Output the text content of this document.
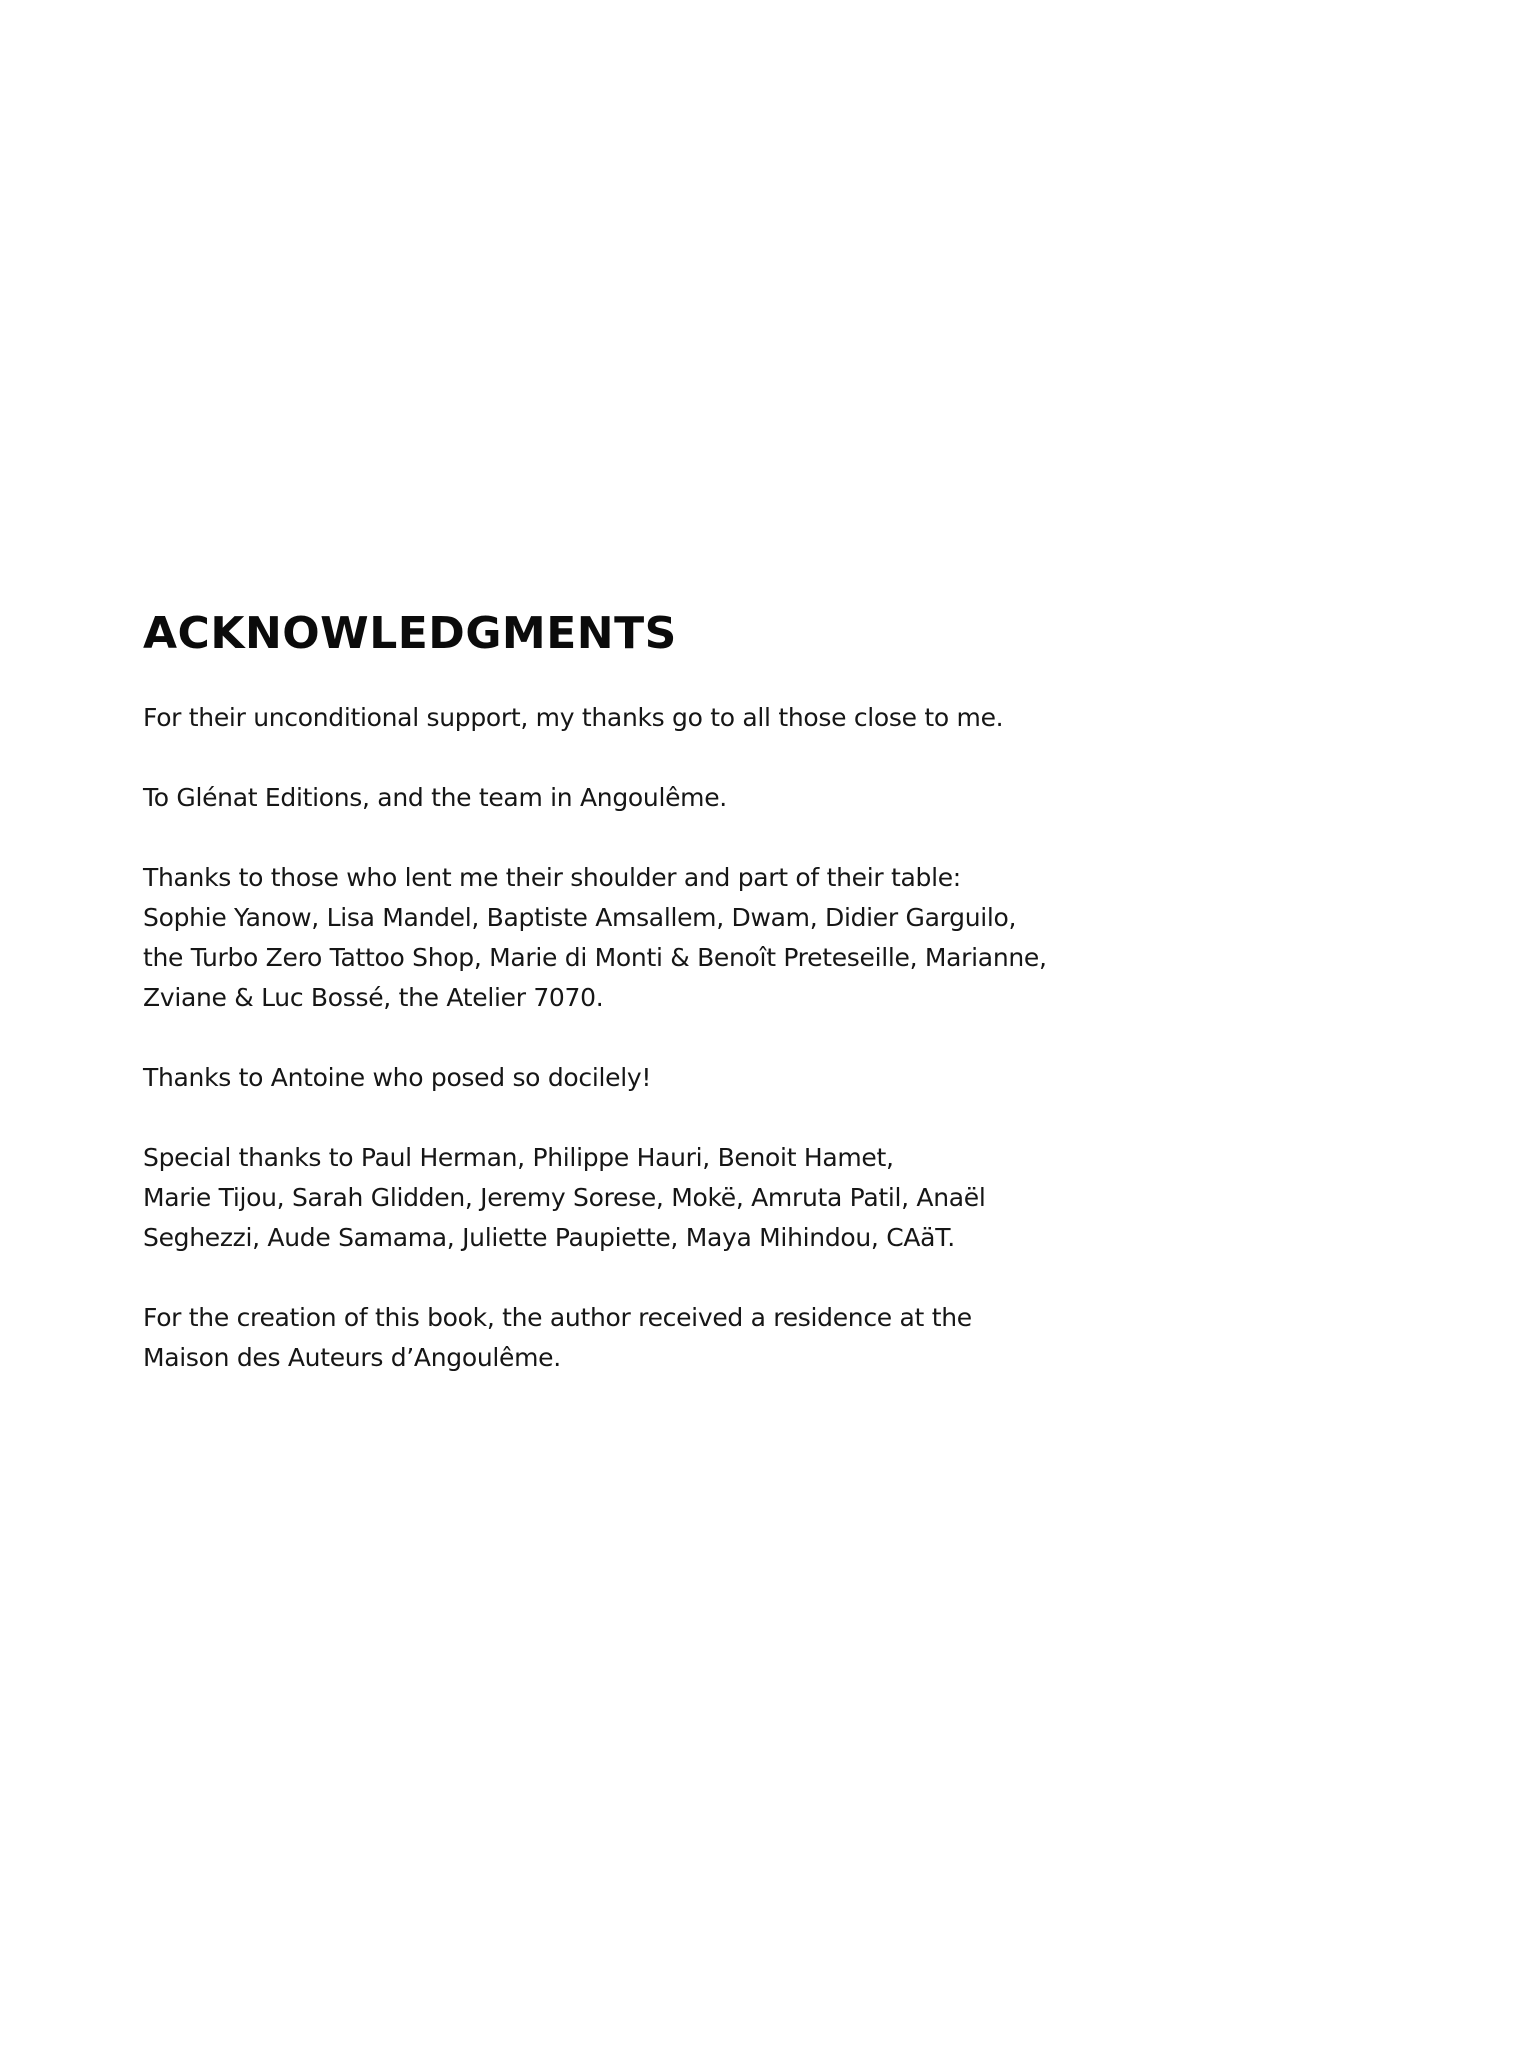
ACKNOWLEDGMENTS

For their unconditional support, my thanks go to all those close to me.

To Glénat Editions, and the team in Angoulême.

Thanks to those who lent me their shoulder and part of their table:
Sophie Yanow, Lisa Mandel, Baptiste Amsallem, Dwam, Didier Garguilo,
the Turbo Zero Tattoo Shop, Marie di Monti & Benoît Preteseille, Marianne,
Zviane & Luc Bossé, the Atelier 7070.

Thanks to Antoine who posed so docilely!

Special thanks to Paul Herman, Philippe Hauri, Benoit Hamet,
Marie Tijou, Sarah Glidden, Jeremy Sorese, Mokë, Amruta Patil, Anaël
Seghezzi, Aude Samama, Juliette Paupiette, Maya Mihindou, CAäT.

For the creation of this book, the author received a residence at the
Maison des Auteurs d’Angoulême.
